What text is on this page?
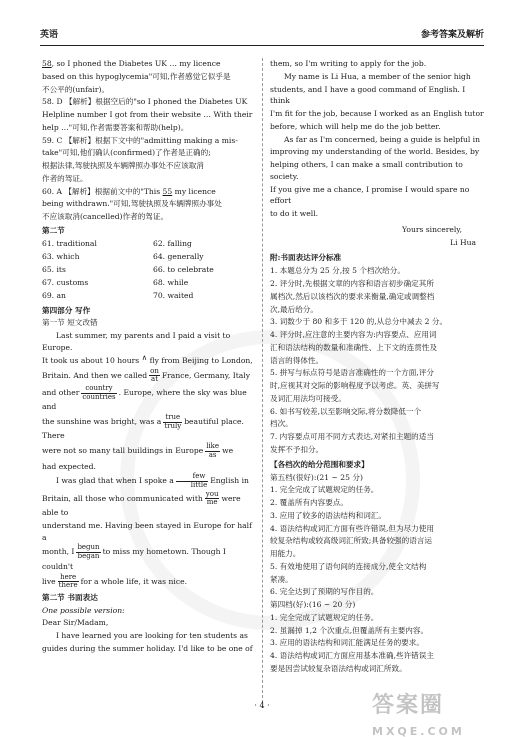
英语	参考答案及解析

58, so I phoned the Diabetes UK … my licence

based on this hypoglycemia"可知,作者感觉它似乎是

不公平的(unfair)。

58. D 【解析】根据空后的"so I phoned the Diabetes UK

Helpline number I got from their website … With their

help …"可知,作者需要答案和帮助(help)。

59. C 【解析】根据下文中的"admitting making a mis-

take"可知,他们确认(confirmed)了作者是正确的;

根据法律,驾驶执照及车辆牌照办事处不应该取消

作者的驾证。

60. A 【解析】根据前文中的"This 55 my licence

being withdrawn."可知,驾驶执照及车辆牌照办事处

不应该取消(cancelled)作者的驾证。

第二节

61. traditional	62. falling
63. which	64. generally
65. its	66. to celebrate
67. customs	68. while
69. an	70. waited

第四部分 写作

第一节 短文改错

Last summer, my parents and I paid a visit to Europe.

It took us about 10 hours ∧ fly from Beijing to London,

Britain. And then we called $\frac{on}{at}$ France, Germany, Italy

and other $\frac{\text{country}}{\text{countries}}$ . Europe, where the sky was blue and

the sunshine was bright, was a $\frac{\text{true}}{\text{truly}}$ beautiful place. There

were not so many tall buildings in Europe $\frac{\text{like}}{as}$ we

had expected.

I was glad that when I spoke a $\frac{\text{few}}{\text{little}}$ English in

Britain, all those who communicated with $\frac{\text{you}}{me}$ were able to

understand me. Having been stayed in Europe for half a

month, I $\frac{\text{begun}}{\text{began}}$ to miss my hometown. Though I couldn't

live $\frac{\text{here}}{\text{there}}$ for a whole life, it was nice.

第二节 书面表达

One possible version:

Dear Sir/Madam,

I have learned you are looking for ten students as

guides during the summer holiday. I'd like to be one of

them, so I'm writing to apply for the job.

My name is Li Hua, a member of the senior high

students, and I have a good command of English. I think

I'm fit for the job, because I worked as an English tutor

before, which will help me do the job better.

As far as I'm concerned, being a guide is helpful in

improving my understanding of the world. Besides, by

helping others, I can make a small contribution to society.

If you give me a chance, I promise I would spare no effort

to do it well.

Yours sincerely,

Li Hua

附:书面表达评分标准

1. 本题总分为 25 分,按 5 个档次给分。

2. 评分时,先根据文章的内容和语言初步确定其所

属档次,然后以该档次的要求来衡量,确定或调整档

次,最后给分。

3. 词数少于 80 和多于 120 的,从总分中减去 2 分。

4. 评分时,应注意的主要内容为:内容要点、应用词

汇和语法结构的数量和准确性、上下文的连贯性及

语言的得体性。

5. 拼写与标点符号是语言准确性的一个方面,评分

时,应视其对交际的影响程度予以考虑。英、美拼写

及词汇用法均可接受。

6. 如书写较差,以至影响交际,将分数降低一个

档次。

7. 内容要点可用不同方式表达,对紧扣主题的适当

发挥不予扣分。

【各档次的给分范围和要求】

第五档(很好):(21 ~ 25 分)

1. 完全完成了试题规定的任务。

2. 覆盖所有内容要点。

3. 应用了较多的语法结构和词汇。

4. 语法结构或词汇方面有些许错误,但为尽力使用

较复杂结构或较高级词汇所致;具备较强的语言运

用能力。

5. 有效地使用了语句间的连接成分,使全文结构

紧凑。

6. 完全达到了预期的写作目的。

第四档(好):(16 ~ 20 分)

1. 完全完成了试题规定的任务。

2. 虽漏掉 1,2 个次重点,但覆盖所有主要内容。

3. 应用的语法结构和词汇能满足任务的要求。

4. 语法结构或词汇方面应用基本准确,些许错误主

要是因尝试较复杂语法结构或词汇所致。

· 4 ·	答案圈
MXQE.COM
